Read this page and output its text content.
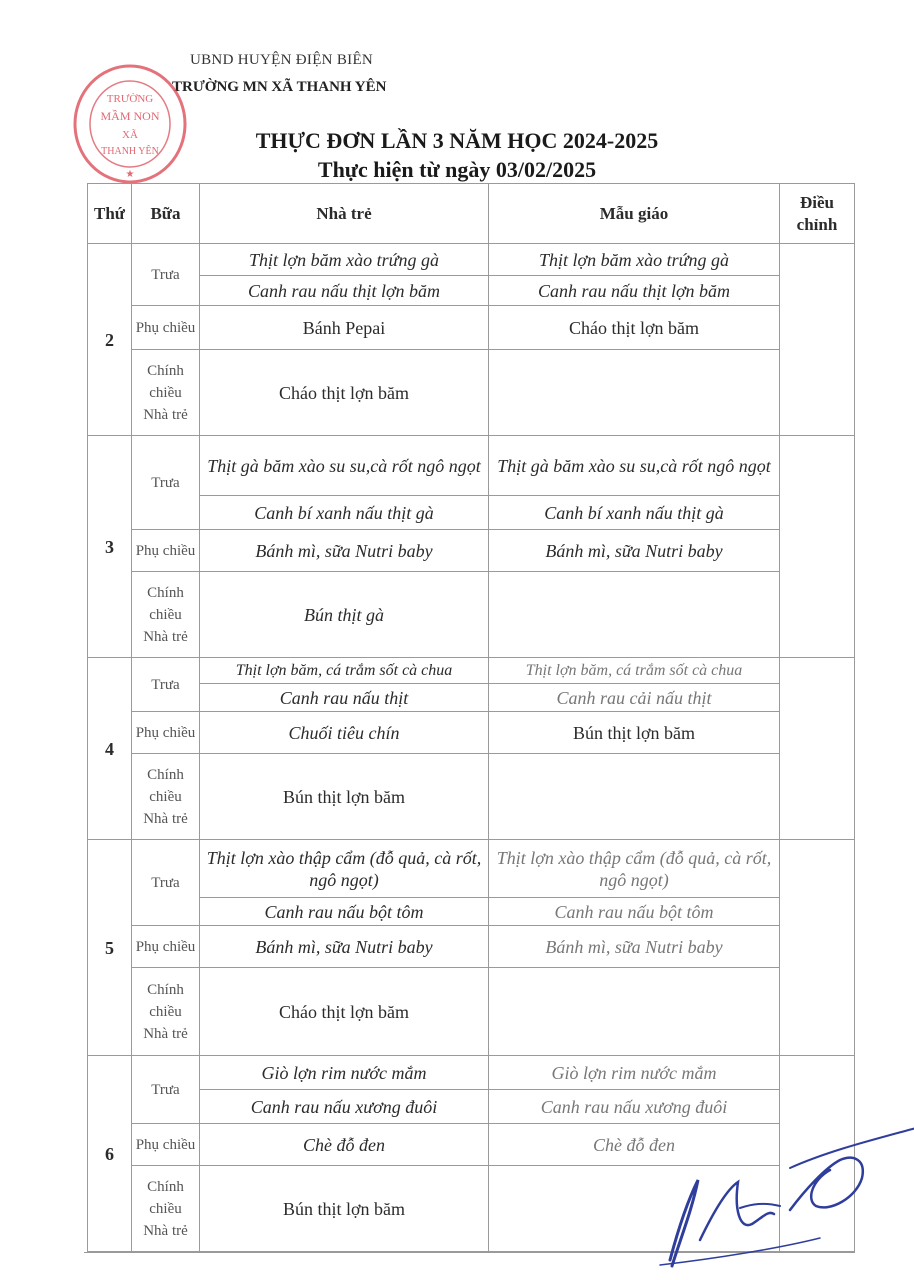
UBND HUYỆN ĐIỆN BIÊN
TRƯỜNG MN XÃ THANH YÊN
THỰC ĐƠN LẦN 3 NĂM HỌC 2024-2025
Thực hiện từ ngày 03/02/2025
TRƯỜNG
MẦM NON
XÃ
THANH YÊN
★
Thứ	Bữa	Nhà trẻ	Mẫu giáo	Điều chỉnh
2	Trưa	Thịt lợn băm xào trứng gà	Thịt lợn băm xào trứng gà	
		Canh rau nấu thịt lợn băm	Canh rau nấu thịt lợn băm	
	Phụ chiều	Bánh Pepai	Cháo thịt lợn băm	
	Chính chiều Nhà trẻ	Cháo thịt lợn băm		

3	Trưa	Thịt gà băm xào su su,cà rốt ngô ngọt	Thịt gà băm xào su su,cà rốt ngô ngọt	
		Canh bí xanh nấu thịt gà	Canh bí xanh nấu thịt gà	
	Phụ chiều	Bánh mì, sữa Nutri baby	Bánh mì, sữa Nutri baby	
	Chính chiều Nhà trẻ	Bún thịt gà		

4	Trưa	Thịt lợn băm, cá trắm sốt cà chua	Thịt lợn băm, cá trắm sốt cà chua	
		Canh rau nấu thịt	Canh rau cải nấu thịt	
	Phụ chiều	Chuối tiêu chín	Bún thịt lợn băm	
	Chính chiều Nhà trẻ	Bún thịt lợn băm		

5	Trưa	Thịt lợn xào thập cẩm (đỗ quả, cà rốt, ngô ngọt)	Thịt lợn xào thập cẩm (đỗ quả, cà rốt, ngô ngọt)	
		Canh rau nấu bột tôm	Canh rau nấu bột tôm	
	Phụ chiều	Bánh mì, sữa Nutri baby	Bánh mì, sữa Nutri baby	
	Chính chiều Nhà trẻ	Cháo thịt lợn băm		

6	Trưa	Giò lợn rim nước mắm	Giò lợn rim nước mắm	
		Canh rau nấu xương đuôi	Canh rau nấu xương đuôi	
	Phụ chiều	Chè đỗ đen	Chè đỗ đen	
	Chính chiều Nhà trẻ	Bún thịt lợn băm		
